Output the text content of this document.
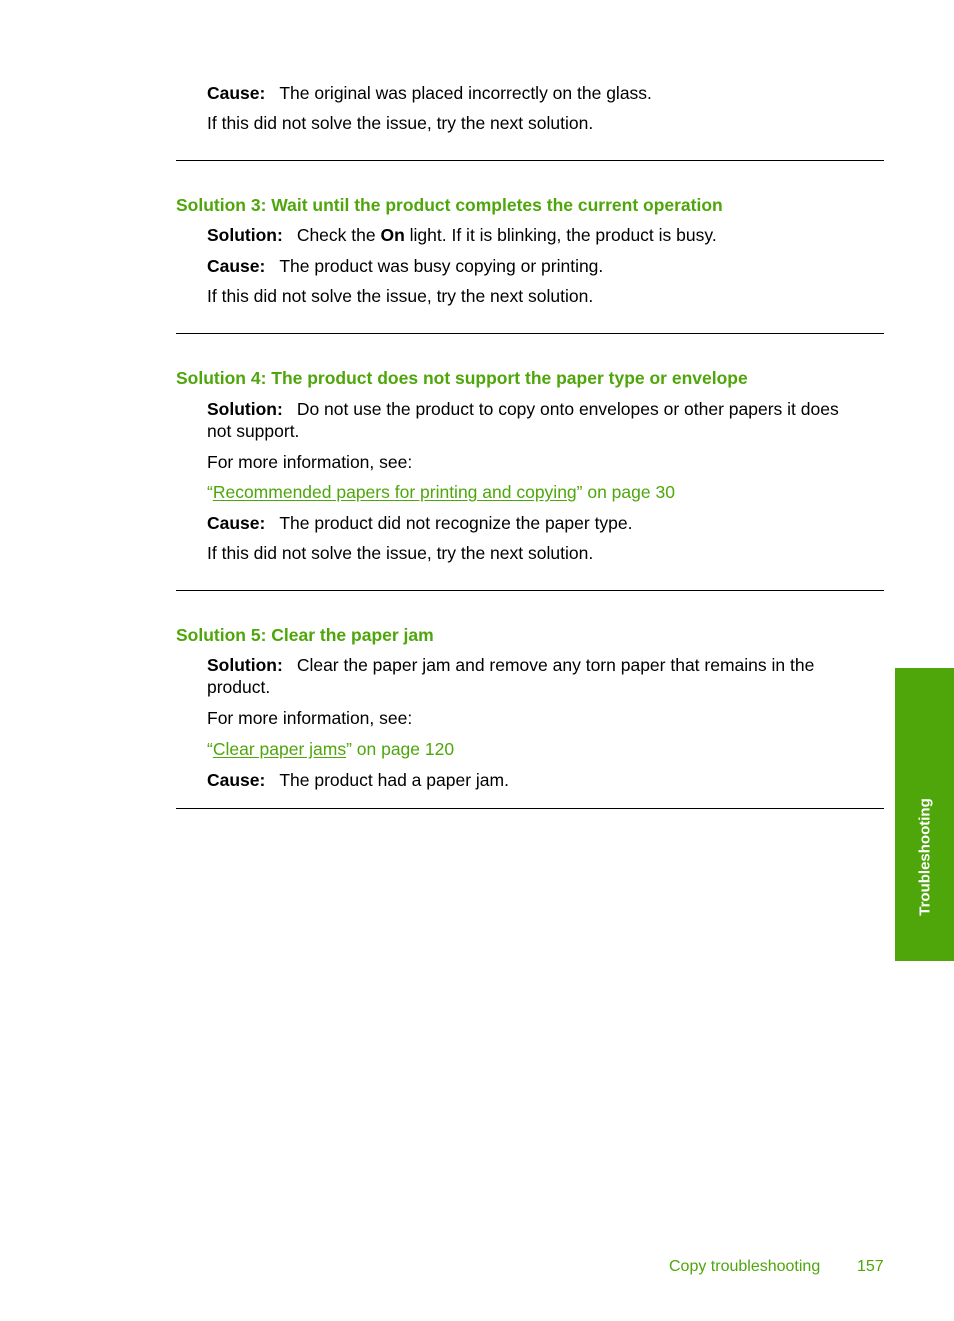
Cause: The original was placed incorrectly on the glass.
If this did not solve the issue, try the next solution.
Solution 3: Wait until the product completes the current operation
Solution: Check the On light. If it is blinking, the product is busy.
Cause: The product was busy copying or printing.
If this did not solve the issue, try the next solution.
Solution 4: The product does not support the paper type or envelope
Solution: Do not use the product to copy onto envelopes or other papers it does
not support.
For more information, see:
“Recommended papers for printing and copying” on page 30
Cause: The product did not recognize the paper type.
If this did not solve the issue, try the next solution.
Solution 5: Clear the paper jam
Solution: Clear the paper jam and remove any torn paper that remains in the
product.
For more information, see:
“Clear paper jams” on page 120
Cause: The product had a paper jam.
Troubleshooting
Copy troubleshooting 157
